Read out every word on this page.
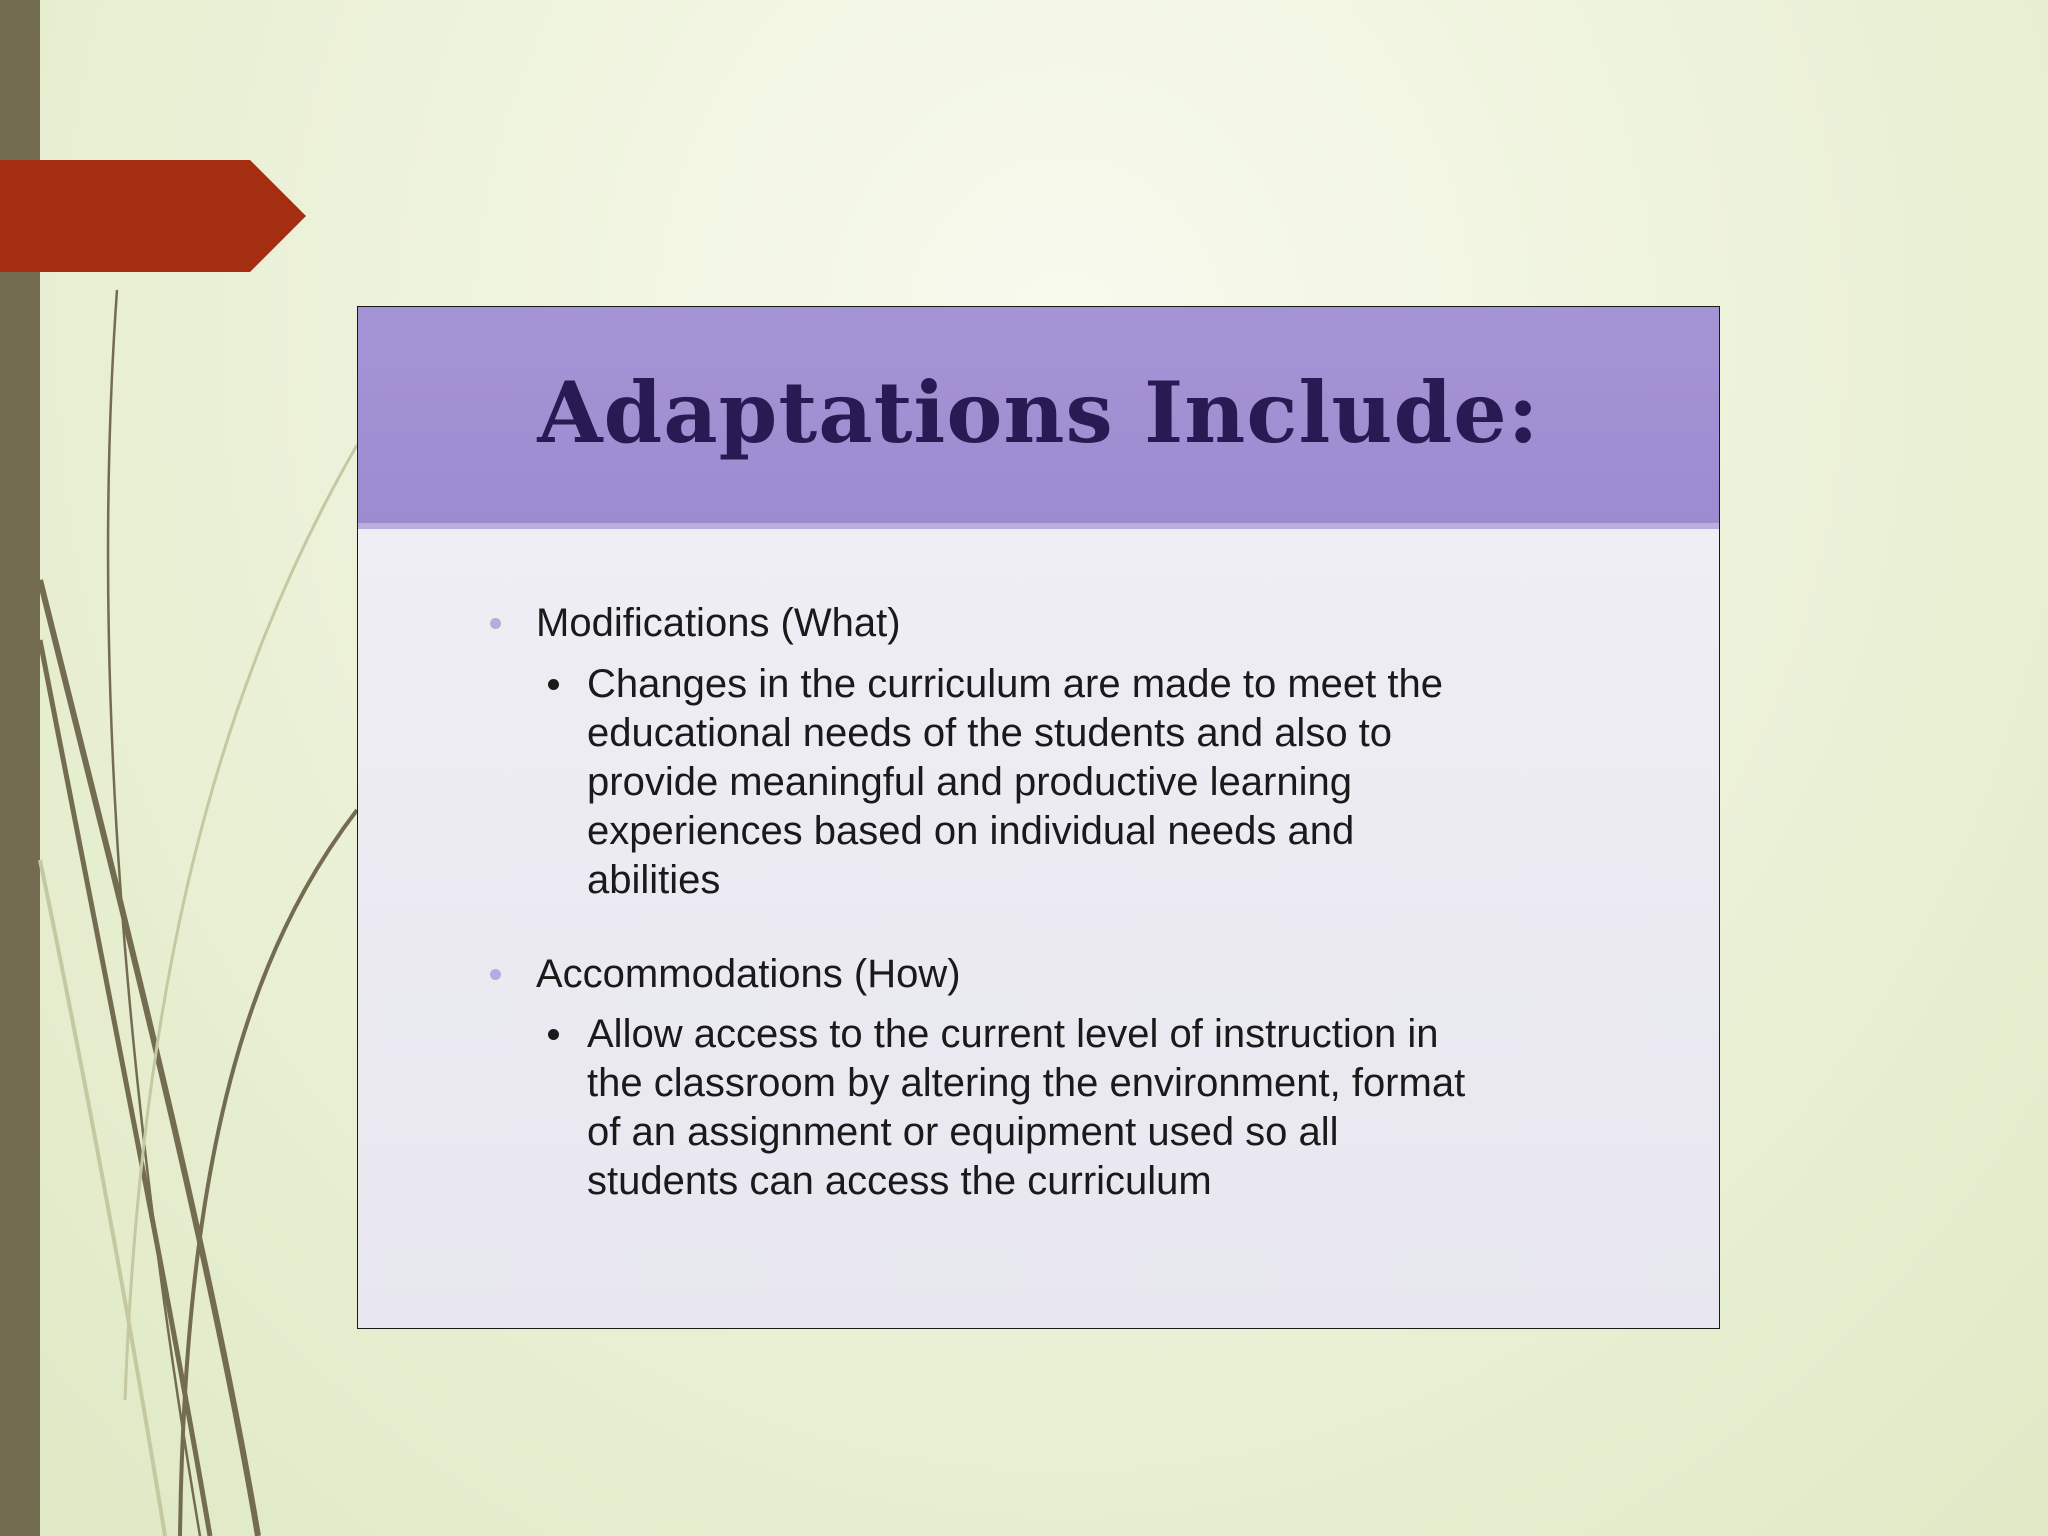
Adaptations Include:
Modifications (What)
Changes in the curriculum are made to meet the
educational needs of the students and also to
provide meaningful and productive learning
experiences based on individual needs and
abilities
Accommodations (How)
Allow access to the current level of instruction in
the classroom by altering the environment, format
of an assignment or equipment used so all
students can access the curriculum
